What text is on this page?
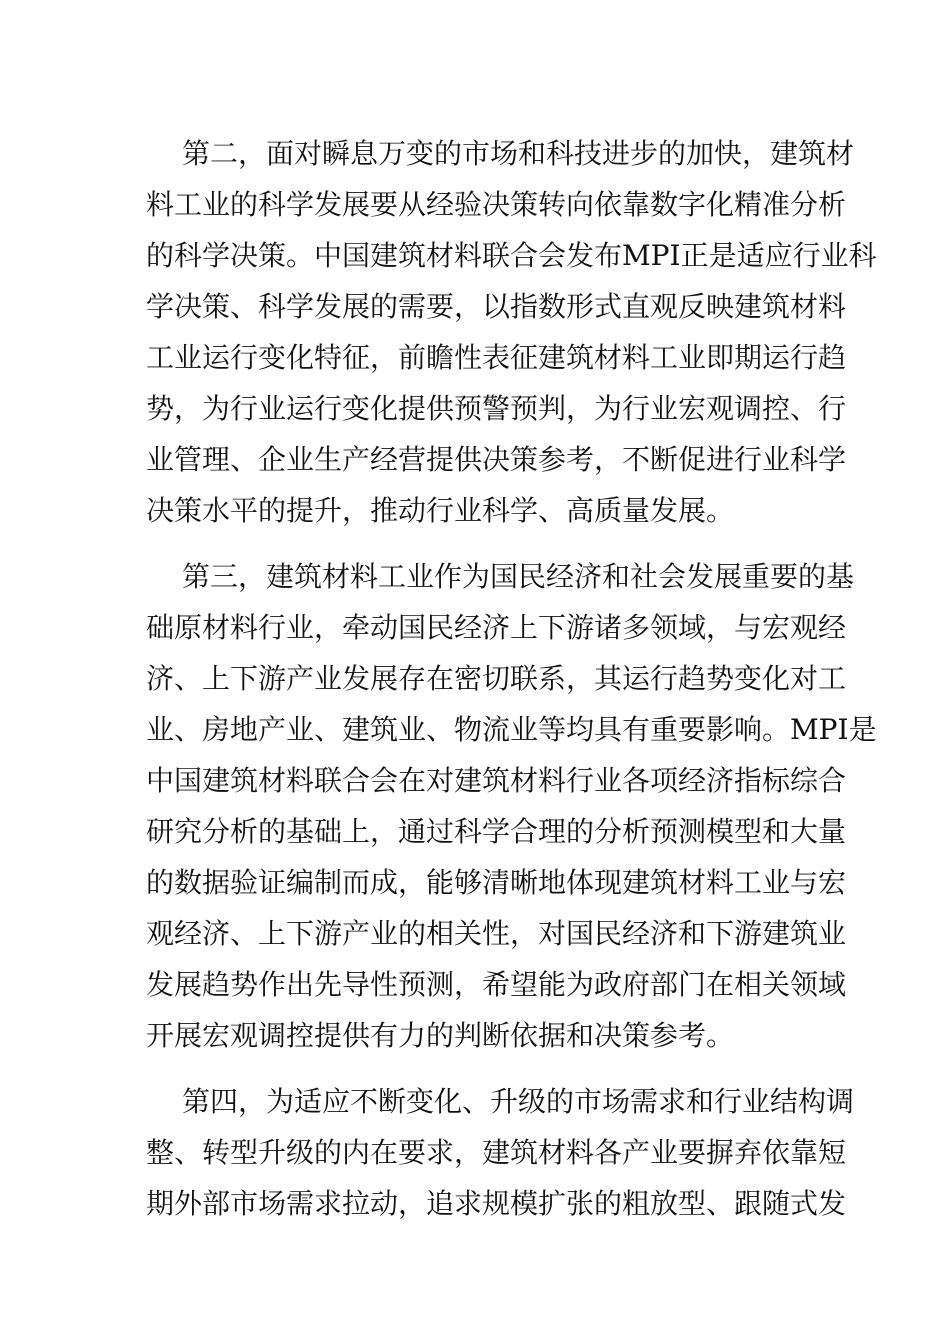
第二，面对瞬息万变的市场和科技进步的加快，建筑材
料工业的科学发展要从经验决策转向依靠数字化精准分析
的科学决策。中国建筑材料联合会发布MPI正是适应行业科
学决策、科学发展的需要，以指数形式直观反映建筑材料
工业运行变化特征，前瞻性表征建筑材料工业即期运行趋
势，为行业运行变化提供预警预判，为行业宏观调控、行
业管理、企业生产经营提供决策参考，不断促进行业科学
决策水平的提升，推动行业科学、高质量发展。
第三，建筑材料工业作为国民经济和社会发展重要的基
础原材料行业，牵动国民经济上下游诸多领域，与宏观经
济、上下游产业发展存在密切联系，其运行趋势变化对工
业、房地产业、建筑业、物流业等均具有重要影响。MPI是
中国建筑材料联合会在对建筑材料行业各项经济指标综合
研究分析的基础上，通过科学合理的分析预测模型和大量
的数据验证编制而成，能够清晰地体现建筑材料工业与宏
观经济、上下游产业的相关性，对国民经济和下游建筑业
发展趋势作出先导性预测，希望能为政府部门在相关领域
开展宏观调控提供有力的判断依据和决策参考。
第四，为适应不断变化、升级的市场需求和行业结构调
整、转型升级的内在要求，建筑材料各产业要摒弃依靠短
期外部市场需求拉动，追求规模扩张的粗放型、跟随式发
